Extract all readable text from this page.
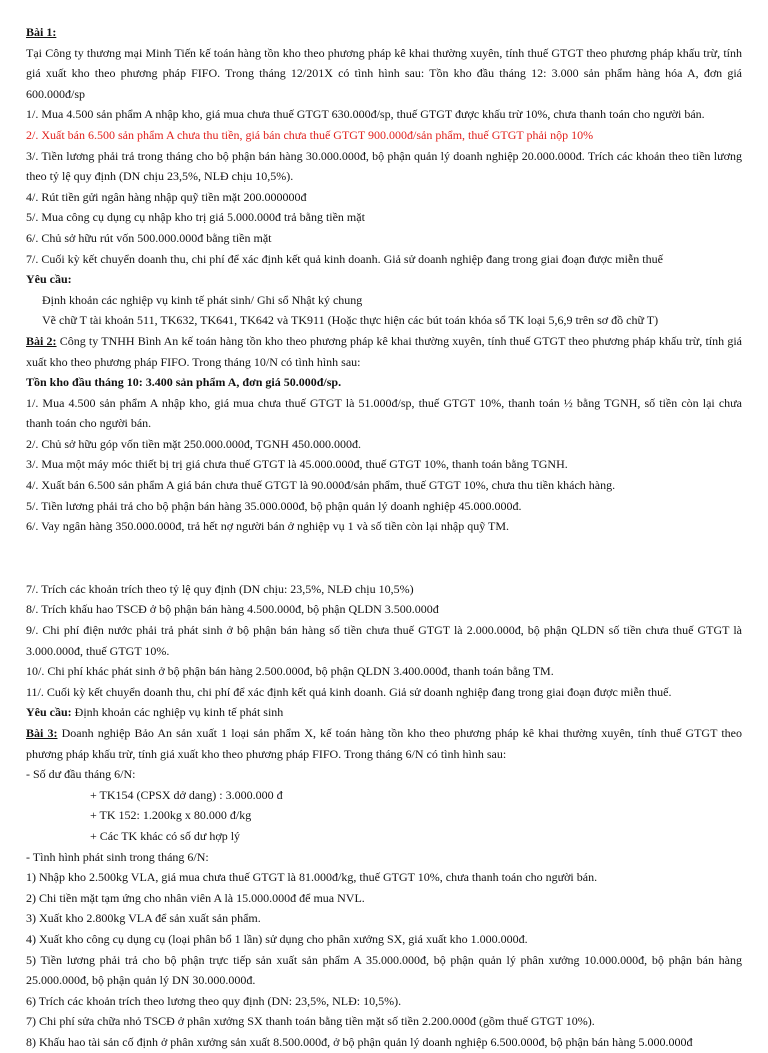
Bài 1:

Tại Công ty thương mại Minh Tiến kế toán hàng tồn kho theo phương pháp kê khai thường xuyên, tính thuế GTGT theo phương pháp khấu trừ, tính giá xuất kho theo phương pháp FIFO. Trong tháng 12/201X có tình hình sau: Tồn kho đầu tháng 12: 3.000 sản phẩm hàng hóa A, đơn giá 600.000đ/sp

1/. Mua 4.500 sản phẩm A nhập kho, giá mua chưa thuế GTGT 630.000đ/sp, thuế GTGT được khấu trừ 10%, chưa thanh toán cho người bán.

2/. Xuất bán 6.500 sản phẩm A chưa thu tiền, giá bán chưa thuế GTGT 900.000đ/sản phẩm, thuế GTGT phải nộp 10%

3/. Tiền lương phải trả trong tháng cho bộ phận bán hàng 30.000.000đ, bộ phận quản lý doanh nghiệp 20.000.000đ. Trích các khoản theo tiền lương theo tỷ lệ quy định (DN chịu 23,5%, NLĐ chịu 10,5%).

4/. Rút tiền gửi ngân hàng nhập quỹ tiền mặt 200.000000đ

5/. Mua công cụ dụng cụ nhập kho trị giá 5.000.000đ trả bằng tiền mặt

6/. Chủ sở hữu rút vốn 500.000.000đ bằng tiền mặt

7/. Cuối kỳ kết chuyển doanh thu, chi phí để xác định kết quả kinh doanh. Giả sử doanh nghiệp đang trong giai đoạn được miễn thuế

Yêu cầu:

1. Định khoản các nghiệp vụ kinh tế phát sinh/ Ghi sổ Nhật ký chung
2. Vẽ chữ T tài khoản 511, TK632, TK641, TK642 và TK911 (Hoặc thực hiện các bút toán khóa sổ TK loại 5,6,9 trên sơ đồ chữ T)

Bài 2: Công ty TNHH Bình An kế toán hàng tồn kho theo phương pháp kê khai thường xuyên, tính thuế GTGT theo phương pháp khấu trừ, tính giá xuất kho theo phương pháp FIFO. Trong tháng 10/N có tình hình sau:

Tồn kho đầu tháng 10: 3.400 sản phẩm A, đơn giá 50.000đ/sp.

1/. Mua 4.500 sản phẩm A nhập kho, giá mua chưa thuế GTGT là 51.000đ/sp, thuế GTGT 10%, thanh toán ½ bằng TGNH, số tiền còn lại chưa thanh toán cho người bán.

2/. Chủ sở hữu góp vốn tiền mặt 250.000.000đ, TGNH 450.000.000đ.

3/. Mua một máy móc thiết bị trị giá chưa thuế GTGT là 45.000.000đ, thuế GTGT 10%, thanh toán bằng TGNH.

4/. Xuất bán 6.500 sản phẩm A giá bán chưa thuế GTGT là 90.000đ/sản phẩm, thuế GTGT 10%, chưa thu tiền khách hàng.

5/. Tiền lương phải trả cho bộ phận bán hàng 35.000.000đ, bộ phận quản lý doanh nghiệp 45.000.000đ.

6/. Vay ngân hàng 350.000.000đ, trả hết nợ người bán ở nghiệp vụ 1 và số tiền còn lại nhập quỹ TM.

7/. Trích các khoản trích theo tỷ lệ quy định (DN chịu: 23,5%, NLĐ chịu 10,5%)

8/. Trích khấu hao TSCĐ ở bộ phận bán hàng 4.500.000đ, bộ phận QLDN 3.500.000đ

9/. Chi phí điện nước phải trả phát sinh ở bộ phận bán hàng số tiền chưa thuế GTGT là 2.000.000đ, bộ phận QLDN số tiền chưa thuế GTGT là 3.000.000đ, thuế GTGT 10%.

10/. Chi phí khác phát sinh ở bộ phận bán hàng 2.500.000đ, bộ phận QLDN 3.400.000đ, thanh toán bằng TM.

11/. Cuối kỳ kết chuyển doanh thu, chi phí để xác định kết quả kinh doanh. Giả sử doanh nghiệp đang trong giai đoạn được miễn thuế.

Yêu cầu: Định khoản các nghiệp vụ kinh tế phát sinh

Bài 3: Doanh nghiệp Bảo An sản xuất 1 loại sản phẩm X, kế toán hàng tồn kho theo phương pháp kê khai thường xuyên, tính thuế GTGT theo phương pháp khấu trừ, tính giá xuất kho theo phương pháp FIFO. Trong tháng 6/N có tình hình sau:

- Số dư đầu tháng 6/N:

+ TK154 (CPSX dở dang) : 3.000.000 đ

+ TK 152: 1.200kg x 80.000 đ/kg

+ Các TK khác có số dư hợp lý

- Tình hình phát sinh trong tháng 6/N:

1) Nhập kho 2.500kg VLA, giá mua chưa thuế GTGT là 81.000đ/kg, thuế GTGT 10%, chưa thanh toán cho người bán.

2) Chi tiền mặt tạm ứng cho nhân viên A là 15.000.000đ để mua NVL.

3) Xuất kho 2.800kg VLA để sản xuất sản phẩm.

4) Xuất kho công cụ dụng cụ (loại phân bổ 1 lần) sử dụng cho phân xưởng SX, giá xuất kho 1.000.000đ.

5) Tiền lương phải trả cho bộ phận trực tiếp sản xuất sản phẩm A 35.000.000đ, bộ phận quản lý phân xưởng 10.000.000đ, bộ phận bán hàng 25.000.000đ, bộ phận quản lý DN 30.000.000đ.

6) Trích các khoản trích theo lương theo quy định (DN: 23,5%, NLĐ: 10,5%).

7) Chi phí sửa chữa nhỏ TSCĐ ở phân xưởng SX thanh toán bằng tiền mặt số tiền 2.200.000đ (gồm thuế GTGT 10%).

8) Khấu hao tài sản cố định ở phân xưởng sản xuất 8.500.000đ, ở bộ phận quản lý doanh nghiệp 6.500.000đ, bộ phận bán hàng 5.000.000đ
